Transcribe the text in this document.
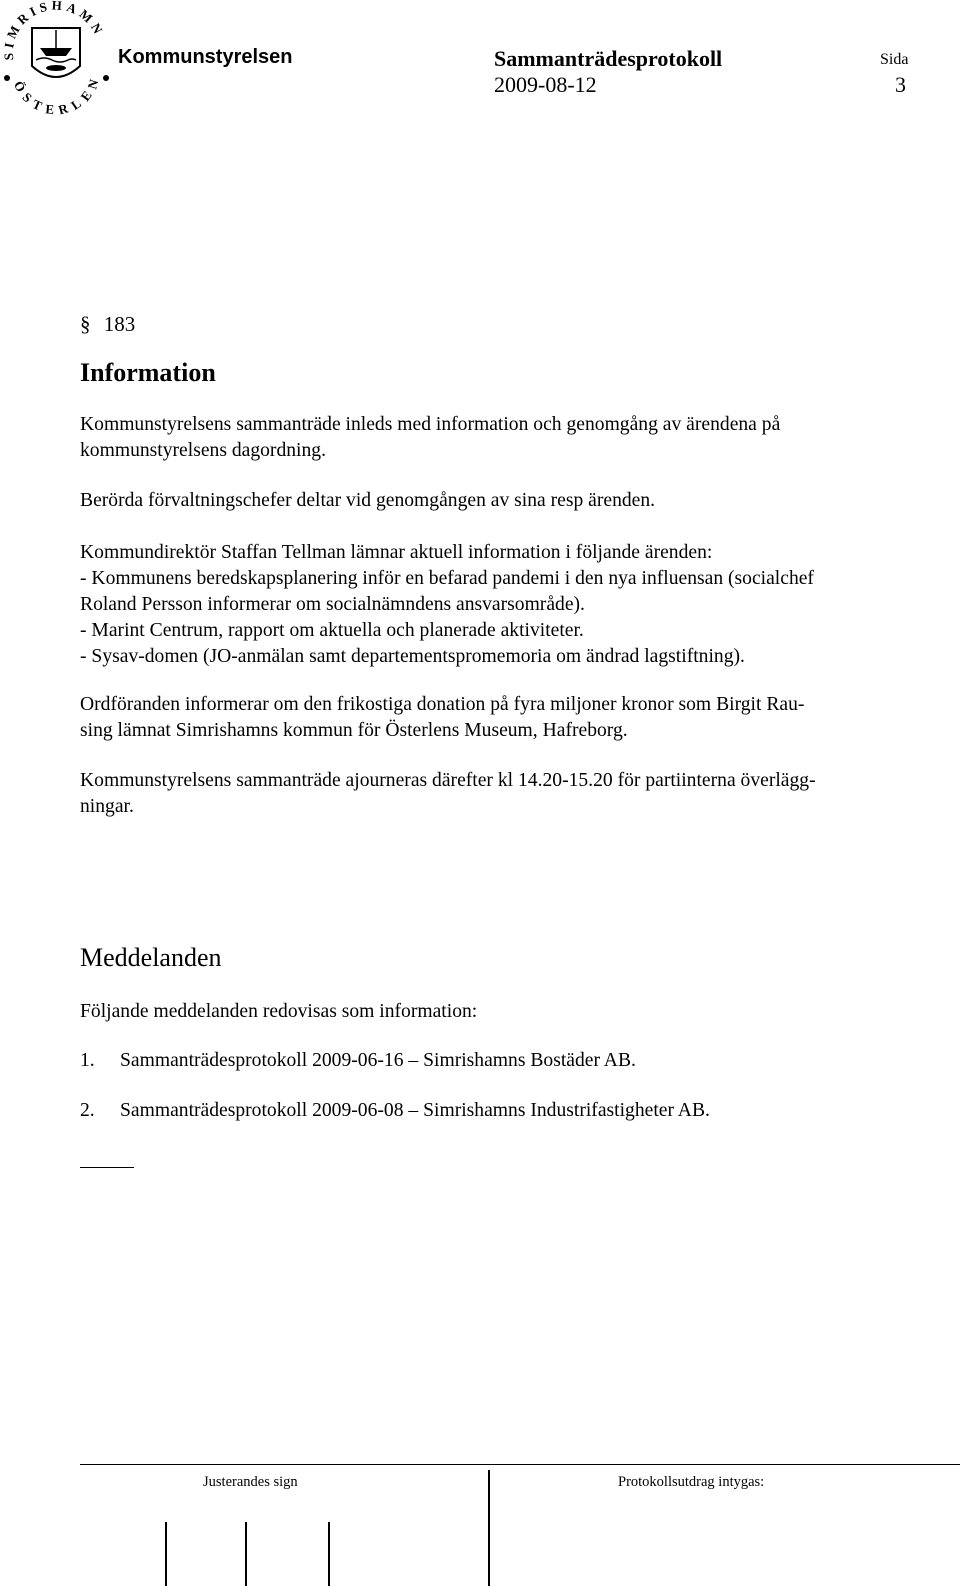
SIMRISHAMN
ÖSTERLEN
Kommunstyrelsen	Sammanträdesprotokoll
2009-08-12
Sida
3
§ 183
Information
Kommunstyrelsens sammanträde inleds med information och genomgång av ärendena på
kommunstyrelsens dagordning.
Berörda förvaltningschefer deltar vid genomgången av sina resp ärenden.
Kommundirektör Staffan Tellman lämnar aktuell information i följande ärenden:
- Kommunens beredskapsplanering inför en befarad pandemi i den nya influensan (socialchef
Roland Persson informerar om socialnämndens ansvarsområde).
- Marint Centrum, rapport om aktuella och planerade aktiviteter.
- Sysav-domen (JO-anmälan samt departementspromemoria om ändrad lagstiftning).
Ordföranden informerar om den frikostiga donation på fyra miljoner kronor som Birgit Rau-
sing lämnat Simrishamns kommun för Österlens Museum, Hafreborg.
Kommunstyrelsens sammanträde ajourneras därefter kl 14.20-15.20 för partiinterna överlägg-
ningar.
Meddelanden
Följande meddelanden redovisas som information:
1. Sammanträdesprotokoll 2009-06-16 – Simrishamns Bostäder AB.
2. Sammanträdesprotokoll 2009-06-08 – Simrishamns Industrifastigheter AB.
Justerandes sign	Protokollsutdrag intygas:
